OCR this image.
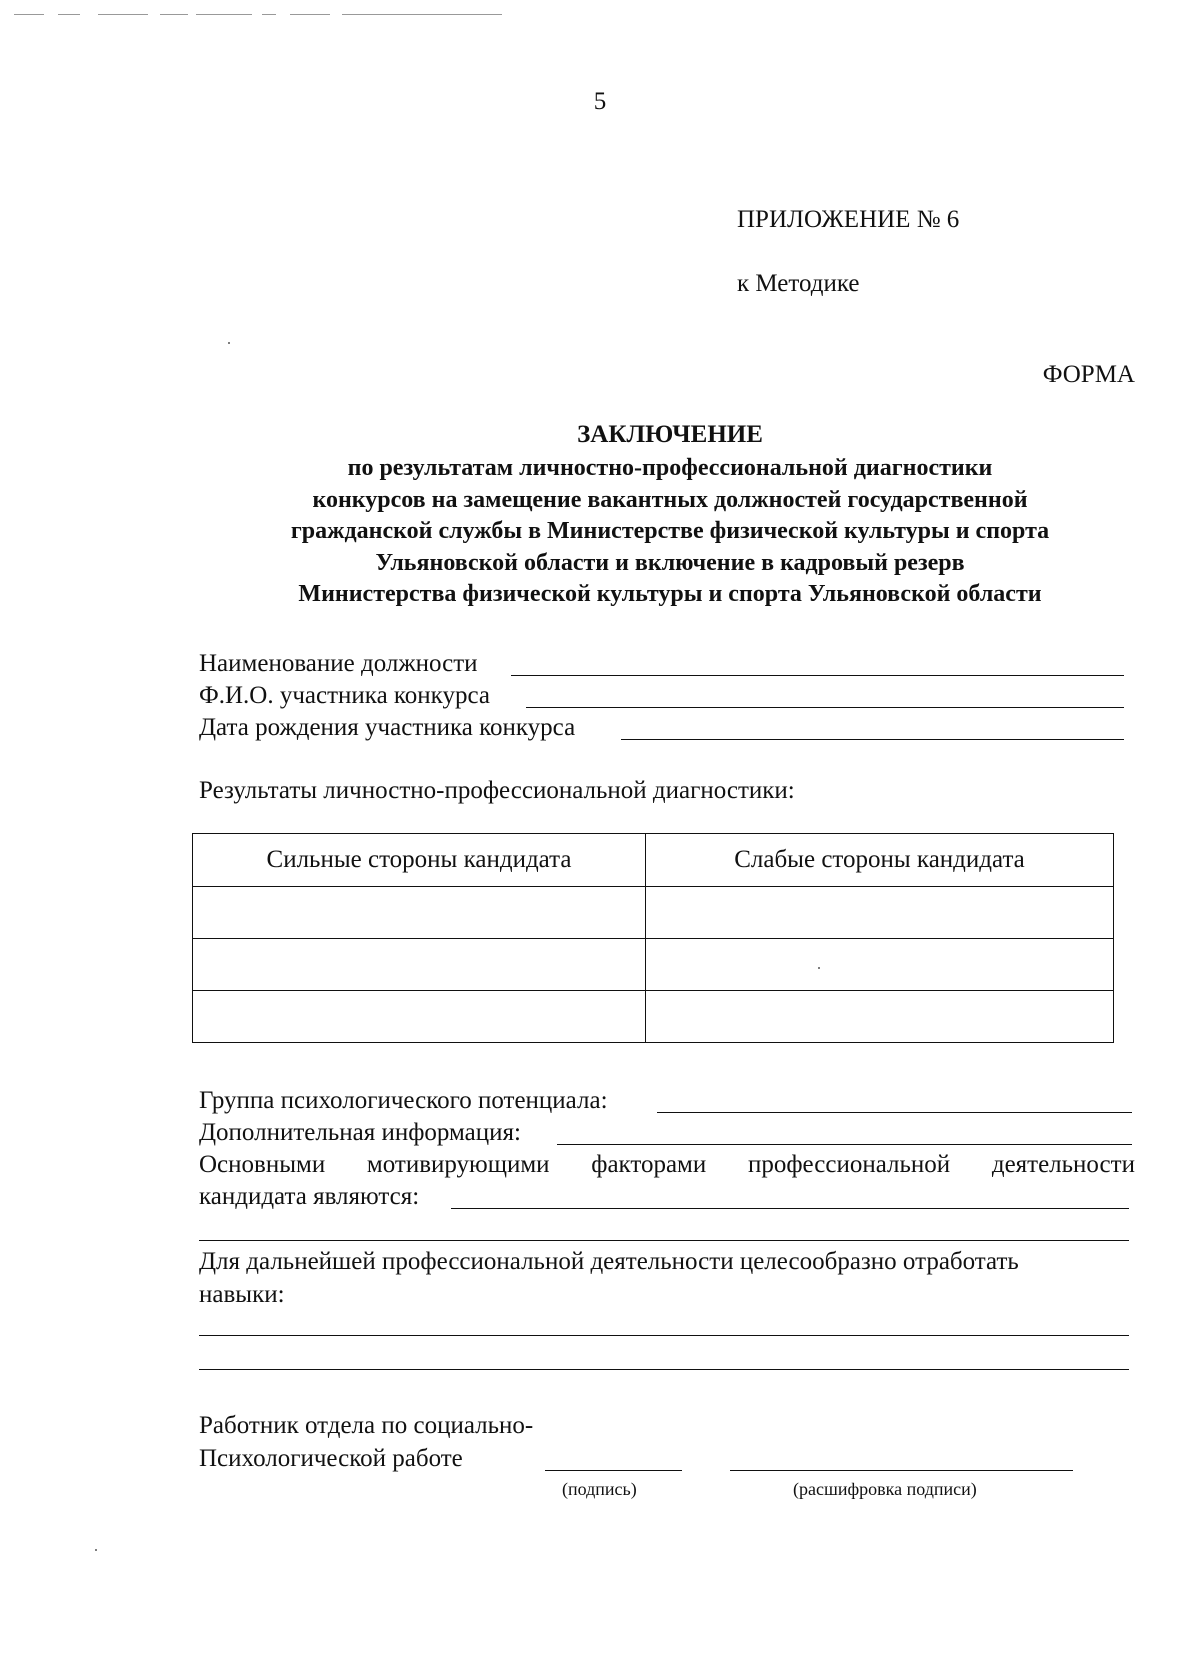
5
ПРИЛОЖЕНИЕ № 6
к Методике
ФОРМА
ЗАКЛЮЧЕНИЕ
по результатам личностно-профессиональной диагностики
конкурсов на замещение вакантных должностей государственной
гражданской службы в Министерстве физической культуры и спорта
Ульяновской области и включение в кадровый резерв
Министерства физической культуры и спорта Ульяновской области
Наименование должности
Ф.И.О. участника конкурса
Дата рождения участника конкурса
Результаты личностно-профессиональной диагностики:
Сильные стороны кандидата	Слабые стороны кандидата

Группа психологического потенциала:
Дополнительная информация:
Основными мотивирующими факторами профессиональной деятельности
кандидата являются:
Для дальнейшей профессиональной деятельности целесообразно отработать
навыки:
Работник отдела по социально-
Психологической работе
(подпись)	(расшифровка подписи)
